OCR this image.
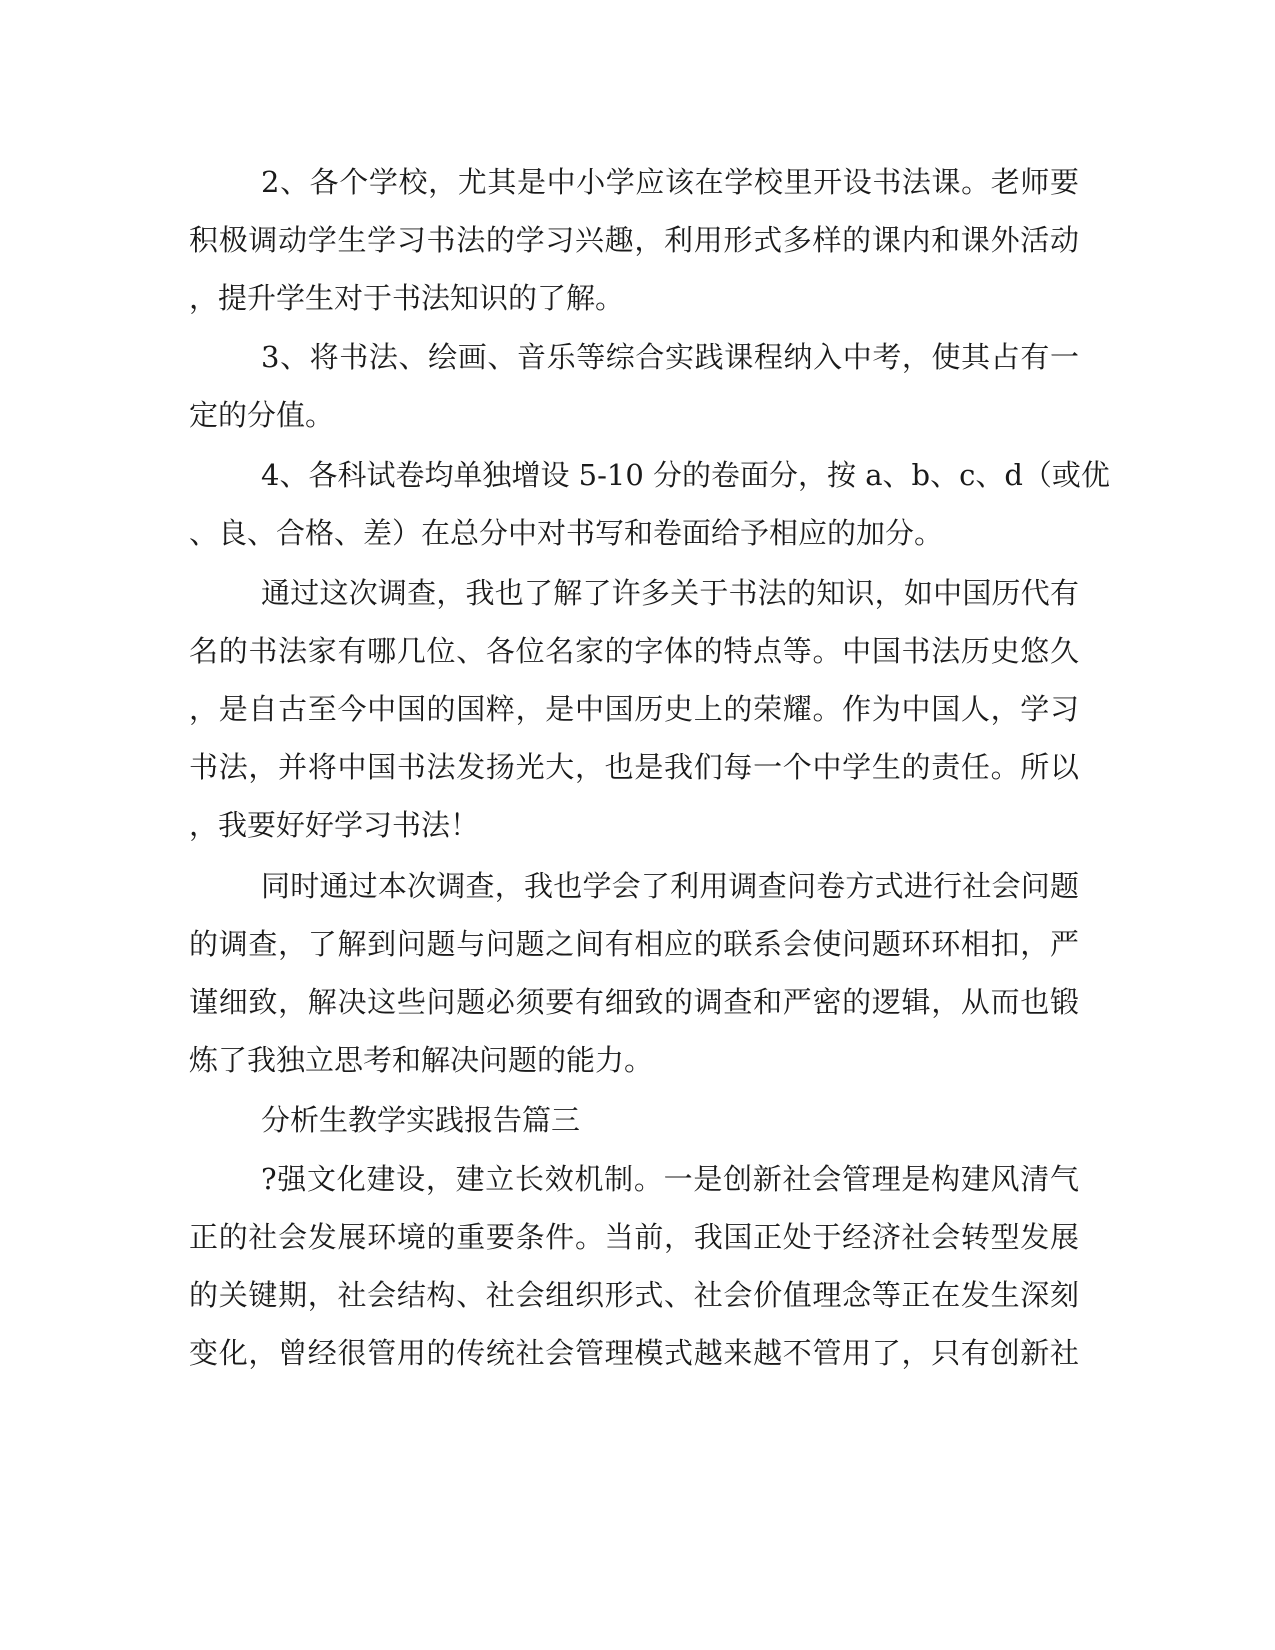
2、各个学校，尤其是中小学应该在学校里开设书法课。老师要
积极调动学生学习书法的学习兴趣，利用形式多样的课内和课外活动
，提升学生对于书法知识的了解。
3、将书法、绘画、音乐等综合实践课程纳入中考，使其占有一
定的分值。
4、各科试卷均单独增设 5-10 分的卷面分，按 a、b、c、d（或优
、良、合格、差）在总分中对书写和卷面给予相应的加分。
通过这次调查，我也了解了许多关于书法的知识，如中国历代有
名的书法家有哪几位、各位名家的字体的特点等。中国书法历史悠久
，是自古至今中国的国粹，是中国历史上的荣耀。作为中国人，学习
书法，并将中国书法发扬光大，也是我们每一个中学生的责任。所以
，我要好好学习书法！
同时通过本次调查，我也学会了利用调查问卷方式进行社会问题
的调查，了解到问题与问题之间有相应的联系会使问题环环相扣，严
谨细致，解决这些问题必须要有细致的调查和严密的逻辑，从而也锻
炼了我独立思考和解决问题的能力。
分析生教学实践报告篇三
?强文化建设，建立长效机制。一是创新社会管理是构建风清气
正的社会发展环境的重要条件。当前，我国正处于经济社会转型发展
的关键期，社会结构、社会组织形式、社会价值理念等正在发生深刻
变化，曾经很管用的传统社会管理模式越来越不管用了，只有创新社
